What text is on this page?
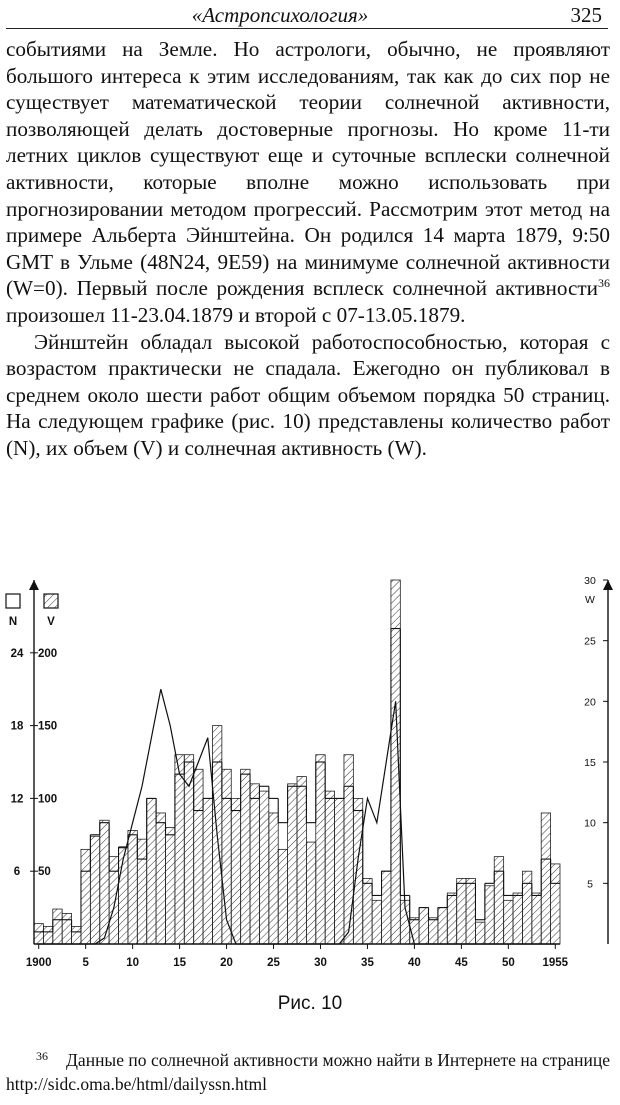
«Астропсихология»	325

событиями на Земле. Но астрологи, обычно, не проявляют большого интереса к этим исследованиям, так как до сих пор не существует математической теории солнечной активности, позволяющей делать достоверные прогнозы. Но кроме 11-ти летних циклов существуют еще и суточные всплески солнечной активности, которые вполне можно использовать при прогнозировании методом прогрессий. Рассмотрим этот метод на примере Альберта Эйнштейна. Он родился 14 марта 1879, 9:50 GMT в Ульме (48N24, 9E59) на минимуме солнечной активности (W=0). Первый после рождения всплеск солнечной активности$^{36}$ произошел 11-23.04.1879 и второй с 07-13.05.1879.

Эйнштейн обладал высокой работоспособностью, которая с возрастом практически не спадала. Ежегодно он публиковал в среднем около шести работ общим объемом порядка 50 страниц. На следующем графике (рис. 10) представлены количество работ (N), их объем (V) и солнечная активность (W).

1900	5	10	15	20	25	30	35	40	45	50 1955
6
12
18
24
50
100
150
200
5
10
15
20
25
30
W
N	V
Рис. 10
36 Данные по солнечной активности можно найти в Интернете на странице http://sidc.oma.be/html/dailyssn.html
